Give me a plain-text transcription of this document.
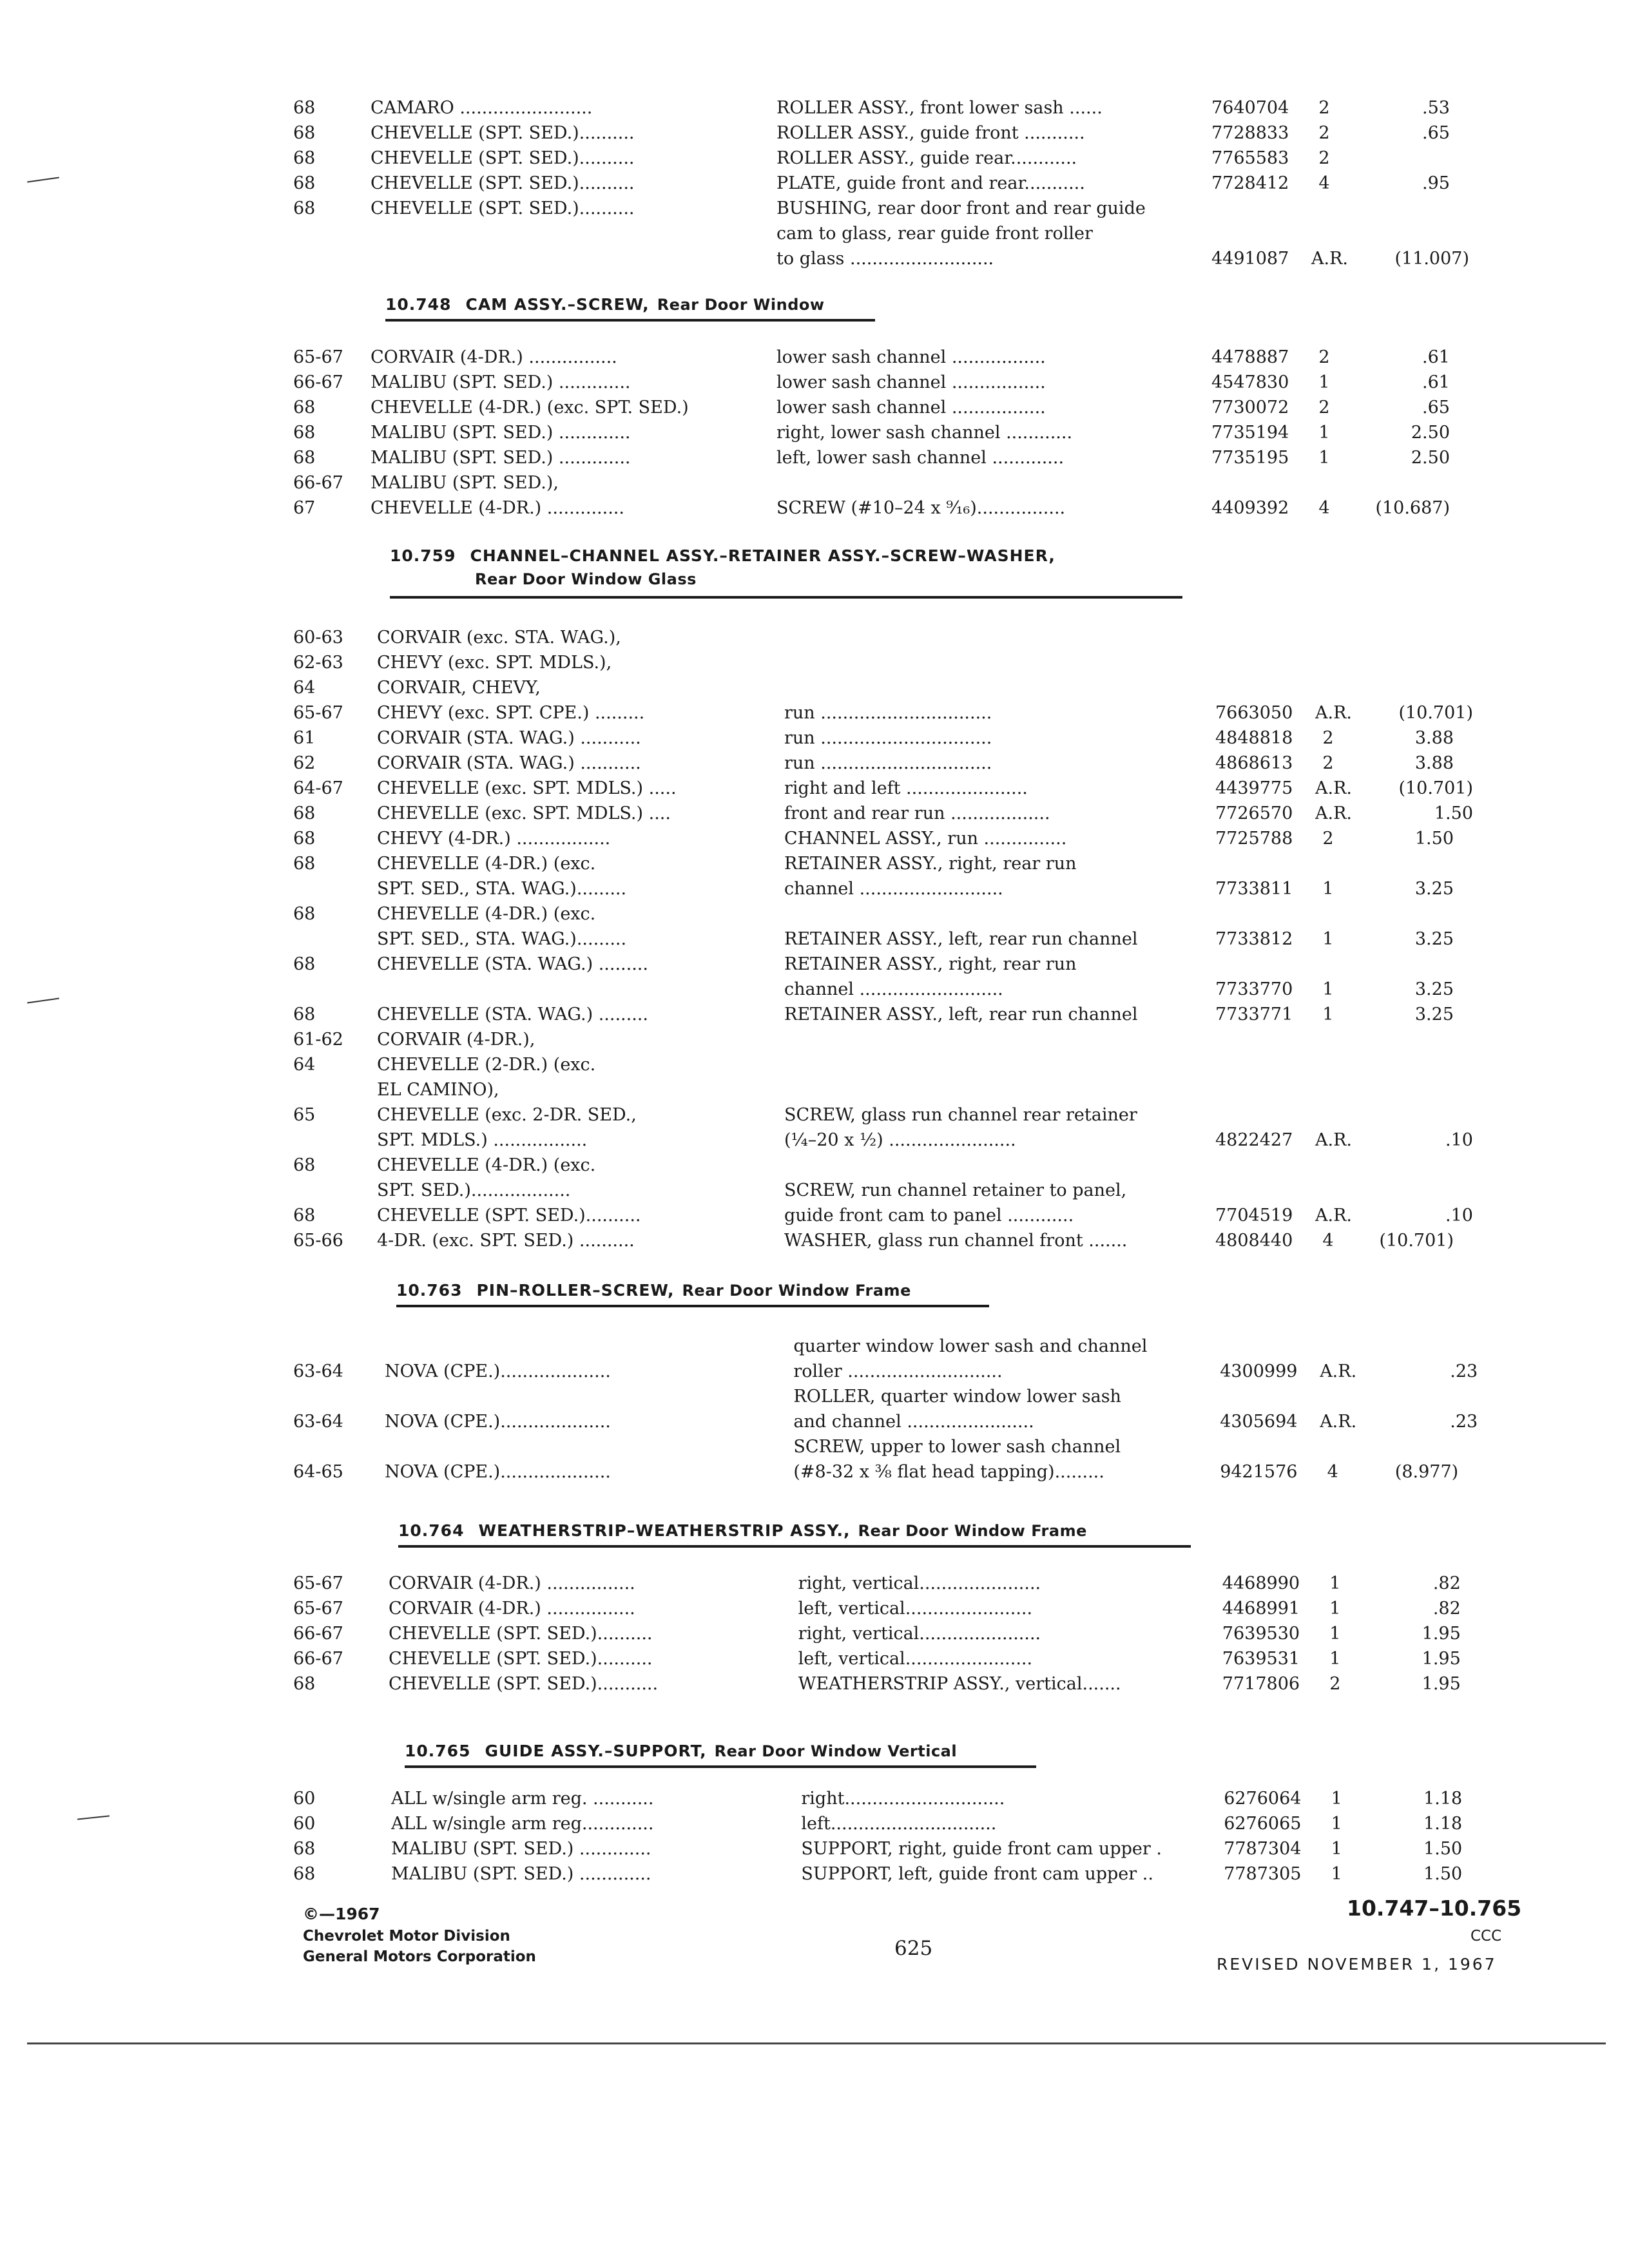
68	CAMARO ........................	ROLLER ASSY., front lower sash ......	7640704	2	.53
68	CHEVELLE (SPT. SED.)..........	ROLLER ASSY., guide front ...........	7728833	2	.65
68	CHEVELLE (SPT. SED.)..........	ROLLER ASSY., guide rear............	7765583	2
68	CHEVELLE (SPT. SED.)..........	PLATE, guide front and rear...........	7728412	4	.95
68	CHEVELLE (SPT. SED.)..........	BUSHING, rear door front and rear guide
cam to glass, rear guide front roller
to glass ..........................	4491087 A.R.	(11.007)
10.748 CAM ASSY.–SCREW, Rear Door Window
65-67 CORVAIR (4-DR.) ................	lower sash channel .................	4478887	2	.61
66-67 MALIBU (SPT. SED.) .............	lower sash channel .................	4547830	1	.61
68	CHEVELLE (4-DR.) (exc. SPT. SED.)	lower sash channel .................	7730072	2	.65
68	MALIBU (SPT. SED.) .............	right, lower sash channel ............	7735194	1	2.50
68	MALIBU (SPT. SED.) .............	left, lower sash channel .............	7735195	1	2.50
66-67 MALIBU (SPT. SED.),
67	CHEVELLE (4-DR.) ..............	SCREW (#10–24 x ⁹⁄₁₆)................	4409392	4	(10.687)
10.759 CHANNEL–CHANNEL ASSY.–RETAINER ASSY.–SCREW–WASHER,
Rear Door Window Glass
60-63 CORVAIR (exc. STA. WAG.),
62-63 CHEVY (exc. SPT. MDLS.),
64	CORVAIR, CHEVY,
65-67 CHEVY (exc. SPT. CPE.) .........	run ...............................	7663050 A.R.	(10.701)
61	CORVAIR (STA. WAG.) ...........	run ...............................	4848818	2	3.88
62	CORVAIR (STA. WAG.) ...........	run ...............................	4868613	2	3.88
64-67 CHEVELLE (exc. SPT. MDLS.) .....	right and left ......................	4439775 A.R.	(10.701)
68	CHEVELLE (exc. SPT. MDLS.) ....	front and rear run ..................	7726570 A.R.	1.50
68	CHEVY (4-DR.) .................	CHANNEL ASSY., run ...............	7725788	2	1.50
68	CHEVELLE (4-DR.) (exc.	RETAINER ASSY., right, rear run
SPT. SED., STA. WAG.).........	channel ..........................	7733811	1	3.25
68	CHEVELLE (4-DR.) (exc.
SPT. SED., STA. WAG.).........	RETAINER ASSY., left, rear run channel	7733812	1	3.25
68	CHEVELLE (STA. WAG.) .........	RETAINER ASSY., right, rear run
channel ..........................	7733770	1	3.25
68	CHEVELLE (STA. WAG.) .........	RETAINER ASSY., left, rear run channel	7733771	1	3.25
61-62 CORVAIR (4-DR.),
64	CHEVELLE (2-DR.) (exc.
EL CAMINO),
65	CHEVELLE (exc. 2-DR. SED.,	SCREW, glass run channel rear retainer
SPT. MDLS.) .................	(¼–20 x ½) .......................	4822427 A.R.	.10
68	CHEVELLE (4-DR.) (exc.
SPT. SED.)..................	SCREW, run channel retainer to panel,
68	CHEVELLE (SPT. SED.)..........	guide front cam to panel ............	7704519 A.R.	.10
65-66 4-DR. (exc. SPT. SED.) ..........	WASHER, glass run channel front .......	4808440	4	(10.701)
10.763 PIN–ROLLER–SCREW, Rear Door Window Frame
quarter window lower sash and channel
63-64 NOVA (CPE.)....................	roller ............................	4300999 A.R.	.23
ROLLER, quarter window lower sash
63-64 NOVA (CPE.)....................	and channel .......................	4305694 A.R.	.23
SCREW, upper to lower sash channel
64-65 NOVA (CPE.)....................	(#8-32 x ⅜ flat head tapping).........	9421576	4	(8.977)
10.764 WEATHERSTRIP–WEATHERSTRIP ASSY., Rear Door Window Frame
65-67	CORVAIR (4-DR.) ................	right, vertical......................	4468990	1	.82
65-67	CORVAIR (4-DR.) ................	left, vertical.......................	4468991	1	.82
66-67	CHEVELLE (SPT. SED.)..........	right, vertical......................	7639530	1	1.95
66-67	CHEVELLE (SPT. SED.)..........	left, vertical.......................	7639531	1	1.95
68	CHEVELLE (SPT. SED.)...........	WEATHERSTRIP ASSY., vertical.......	7717806	2	1.95
10.765 GUIDE ASSY.–SUPPORT, Rear Door Window Vertical
60	ALL w/single arm reg. ...........	right.............................	6276064	1	1.18
60	ALL w/single arm reg.............	left..............................	6276065	1	1.18
68	MALIBU (SPT. SED.) .............	SUPPORT, right, guide front cam upper .	7787304	1	1.50
68	MALIBU (SPT. SED.) .............	SUPPORT, left, guide front cam upper ..	7787305	1	1.50
©—1967
Chevrolet Motor Division
General Motors Corporation	625
10.747–10.765
CCC
REVISED NOVEMBER 1, 1967
